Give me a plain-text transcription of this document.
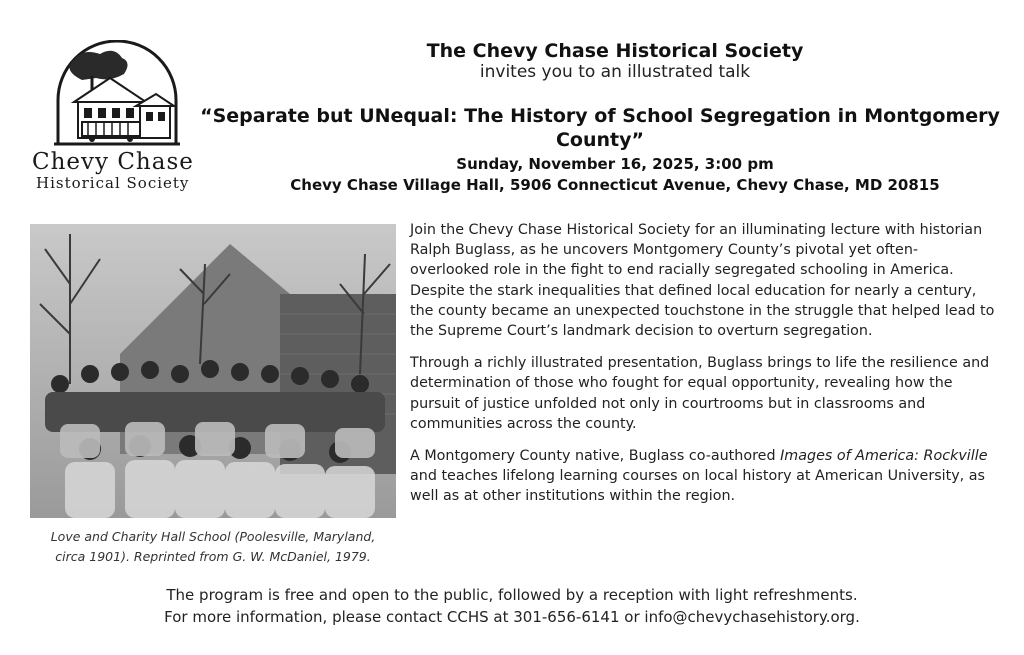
Chevy Chase
Historical Society
The Chevy Chase Historical Society
invites you to an illustrated talk
“Separate but UNequal: The History of School Segregation in Montgomery County”
Sunday, November 16, 2025, 3:00 pm
Chevy Chase Village Hall, 5906 Connecticut Avenue, Chevy Chase, MD 20815
Love and Charity Hall School (Poolesville, Maryland,
circa 1901). Reprinted from G. W. McDaniel, 1979.

Join the Chevy Chase Historical Society for an illuminating lecture with historian Ralph Buglass, as he uncovers Montgomery County’s pivotal yet often-overlooked role in the fight to end racially segregated schooling in America. Despite the stark inequalities that defined local education for nearly a century, the county became an unexpected touchstone in the struggle that helped lead to the Supreme Court’s landmark decision to overturn segregation.

Through a richly illustrated presentation, Buglass brings to life the resilience and determination of those who fought for equal opportunity, revealing how the pursuit of justice unfolded not only in courtrooms but in classrooms and communities across the county.

A Montgomery County native, Buglass co-authored Images of America: Rockville and teaches lifelong learning courses on local history at American University, as well as at other institutions within the region.

The program is free and open to the public, followed by a reception with light refreshments.
For more information, please contact CCHS at 301-656-6141 or info@chevychasehistory.org.
